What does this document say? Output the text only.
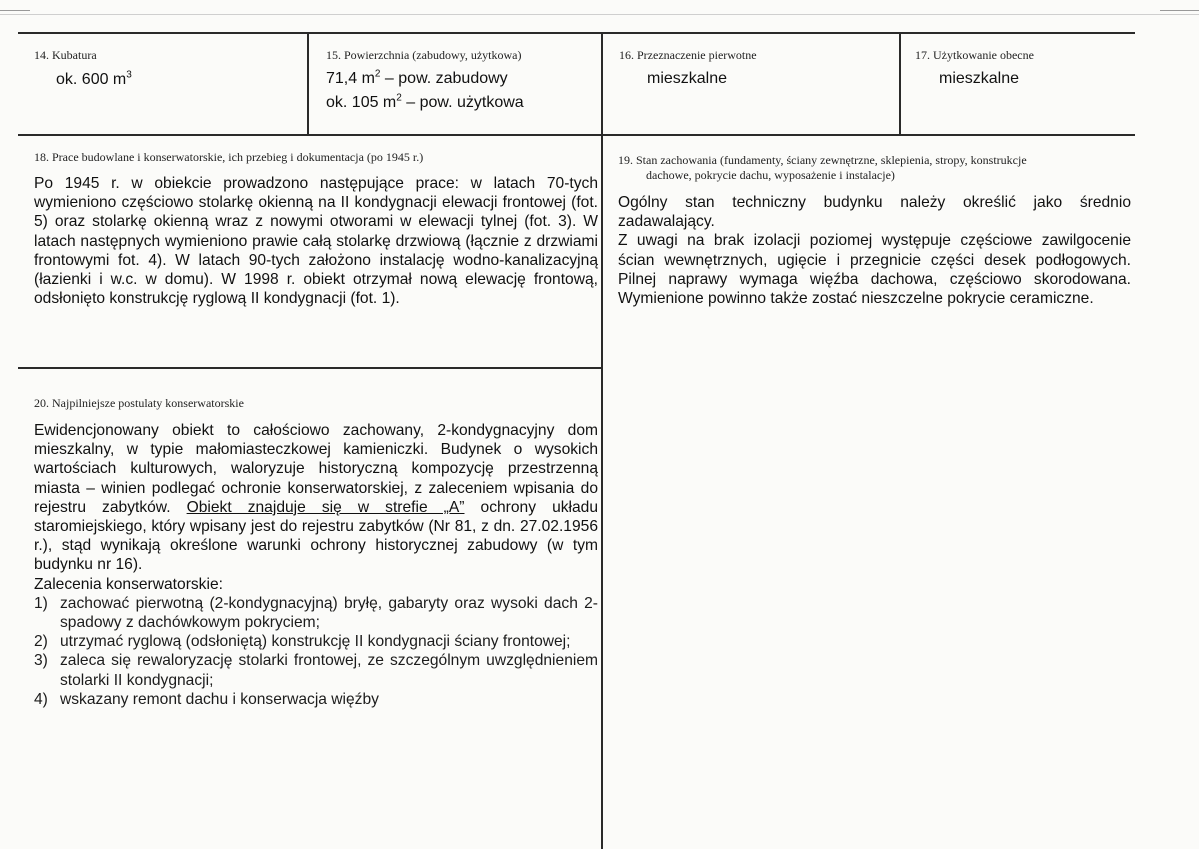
14. Kubatura
ok. 600 $m^3$
15. Powierzchnia (zabudowy, użytkowa)
71,4 $m^2$ – pow. zabudowy
ok. 105 $m^2$ – pow. użytkowa
16. Przeznaczenie pierwotne
mieszkalne
17. Użytkowanie obecne
mieszkalne
18. Prace budowlane i konserwatorskie, ich przebieg i dokumentacja (po 1945 r.)

Po 1945 r. w obiekcie prowadzono następujące prace: w latach 70-tych wymieniono częściowo stolarkę okienną na II kondygnacji elewacji frontowej (fot. 5) oraz stolarkę okienną wraz z nowymi otworami w elewacji tylnej (fot. 3). W latach następnych wymieniono prawie całą stolarkę drzwiową (łącznie z drzwiami frontowymi fot. 4). W latach 90-tych założono instalację wodno-kanalizacyjną (łazienki i w.c. w domu). W 1998 r. obiekt otrzymał nową elewację frontową, odsłonięto konstrukcję ryglową II kondygnacji (fot. 1).

19. Stan zachowania (fundamenty, ściany zewnętrzne, sklepienia, stropy, konstrukcje
dachowe, pokrycie dachu, wyposażenie i instalacje)

Ogólny stan techniczny budynku należy określić jako średnio zadawalający.

Z uwagi na brak izolacji poziomej występuje częściowe zawilgocenie ścian wewnętrznych, ugięcie i przegnicie części desek podłogowych. Pilnej naprawy wymaga więźba dachowa, częściowo skorodowana. Wymienione powinno także zostać nieszczelne pokrycie ceramiczne.

20. Najpilniejsze postulaty konserwatorskie

Ewidencjonowany obiekt to całościowo zachowany, 2-kondygnacyjny dom mieszkalny, w typie małomiasteczkowej kamieniczki. Budynek o wysokich wartościach kulturowych, waloryzuje historyczną kompozycję przestrzenną miasta – winien podlegać ochronie konserwatorskiej, z zaleceniem wpisania do rejestru zabytków. Obiekt znajduje się w strefie „A” ochrony układu staromiejskiego, który wpisany jest do rejestru zabytków (Nr 81, z dn. 27.02.1956 r.), stąd wynikają określone warunki ochrony historycznej zabudowy (w tym budynku nr 16).

Zalecenia konserwatorskie:
1) zachować pierwotną (2-kondygnacyjną) bryłę, gabaryty oraz wysoki dach 2-spadowy z dachówkowym pokryciem;
2) utrzymać ryglową (odsłoniętą) konstrukcję II kondygnacji ściany frontowej;
3) zaleca się rewaloryzację stolarki frontowej, ze szczególnym uwzględnieniem stolarki II kondygnacji;
4) wskazany remont dachu i konserwacja więźby
